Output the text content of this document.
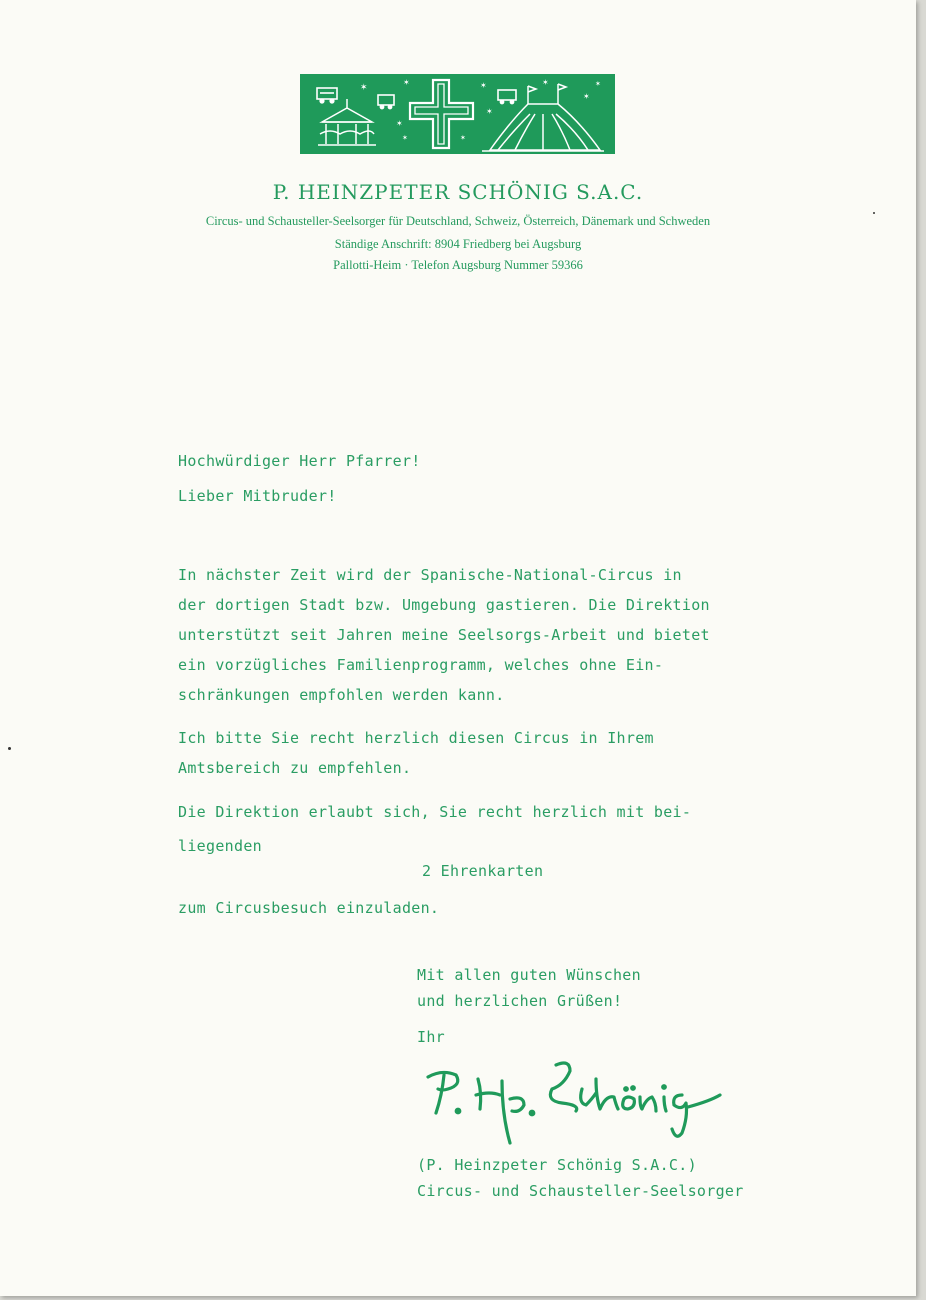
✶
✶
✶
✶
✶
✶
✶
✶
✶
✶
P. HEINZPETER SCHÖNIG S.A.C.
Circus- und Schausteller-Seelsorger für Deutschland, Schweiz, Österreich, Dänemark und Schweden
Ständige Anschrift: 8904 Friedberg bei Augsburg
Pallotti-Heim · Telefon Augsburg Nummer 59366
Hochwürdiger Herr Pfarrer!
Lieber Mitbruder!
In nächster Zeit wird der Spanische-National-Circus in
der dortigen Stadt bzw. Umgebung gastieren. Die Direktion
unterstützt seit Jahren meine Seelsorgs-Arbeit und bietet
ein vorzügliches Familienprogramm, welches ohne Ein-
schränkungen empfohlen werden kann.
Ich bitte Sie recht herzlich diesen Circus in Ihrem
Amtsbereich zu empfehlen.
Die Direktion erlaubt sich, Sie recht herzlich mit bei-
liegenden
2 Ehrenkarten
zum Circusbesuch einzuladen.
Mit allen guten Wünschen
und herzlichen Grüßen!
Ihr
(P. Heinzpeter Schönig S.A.C.)
Circus- und Schausteller-Seelsorger
